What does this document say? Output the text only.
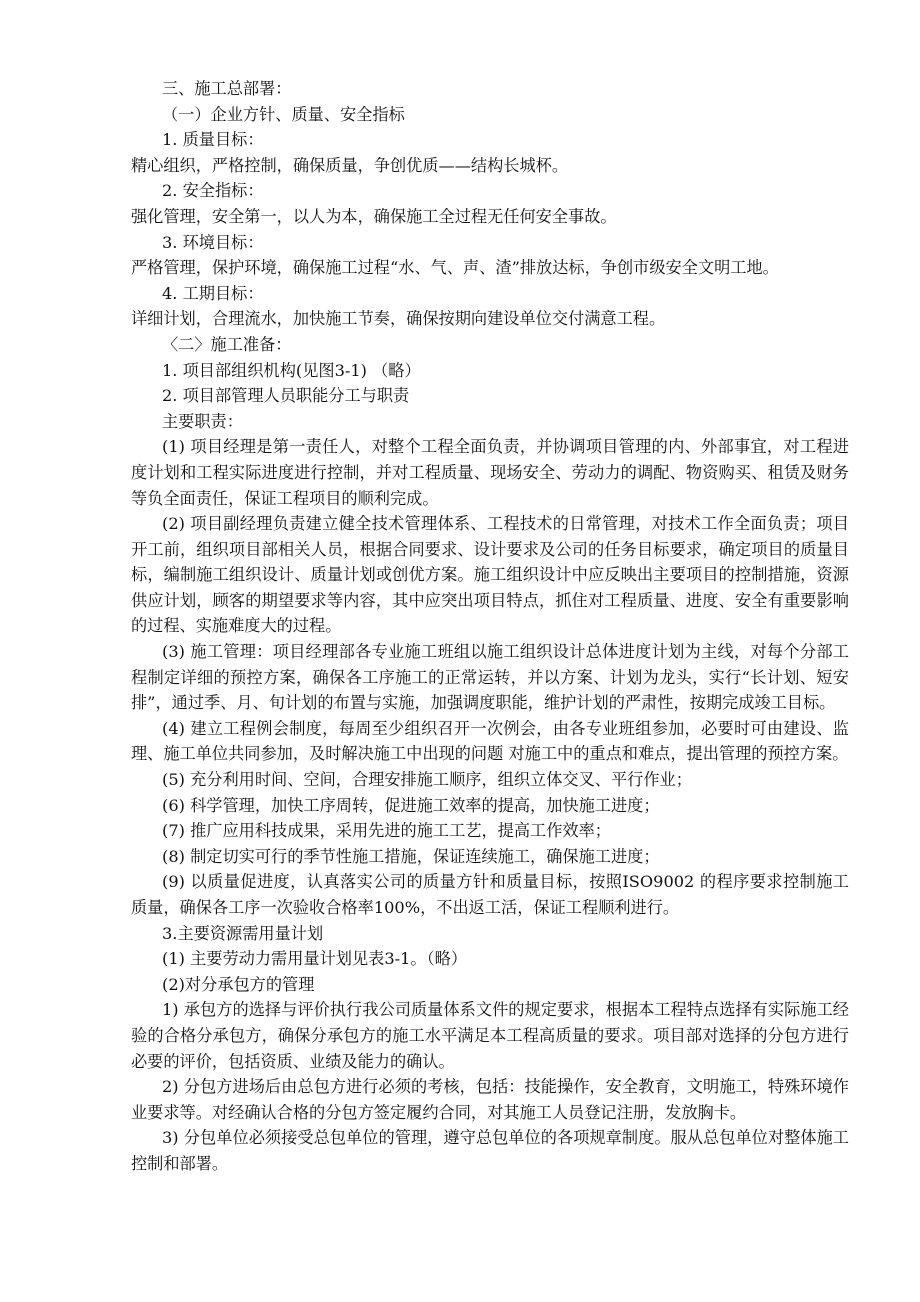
三、施工总部署：

（一）企业方针、质量、安全指标

1. 质量目标：

精心组织，严格控制，确保质量，争创优质——结构长城杯。

2. 安全指标：

强化管理，安全第一，以人为本，确保施工全过程无任何安全事故。

3. 环境目标：

严格管理，保护环境，确保施工过程“水、气、声、渣”排放达标，争创市级安全文明工地。

4. 工期目标：

详细计划，合理流水，加快施工节奏，确保按期向建设单位交付满意工程。

〈二〉施工准备：

1. 项目部组织机构(见图3-1) （略）

2. 项目部管理人员职能分工与职责

主要职责：

(1) 项目经理是第一责任人，对整个工程全面负责，并协调项目管理的内、外部事宜，对工程进度计划和工程实际进度进行控制，并对工程质量、现场安全、劳动力的调配、物资购买、租赁及财务等负全面责任，保证工程项目的顺利完成。

(2) 项目副经理负责建立健全技术管理体系、工程技术的日常管理，对技术工作全面负责；项目开工前，组织项目部相关人员，根据合同要求、设计要求及公司的任务目标要求，确定项目的质量目标，编制施工组织设计、质量计划或创优方案。施工组织设计中应反映出主要项目的控制措施，资源供应计划，顾客的期望要求等内容，其中应突出项目特点，抓住对工程质量、进度、安全有重要影响的过程、实施难度大的过程。

(3) 施工管理：项目经理部各专业施工班组以施工组织设计总体进度计划为主线，对每个分部工程制定详细的预控方案，确保各工序施工的正常运转，并以方案、计划为龙头，实行“长计划、短安排”，通过季、月、旬计划的布置与实施，加强调度职能，维护计划的严肃性，按期完成竣工目标。

(4) 建立工程例会制度，每周至少组织召开一次例会，由各专业班组参加，必要时可由建设、监理、施工单位共同参加，及时解决施工中出现的问题 对施工中的重点和难点，提出管理的预控方案。

(5) 充分利用时间、空间，合理安排施工顺序，组织立体交叉、平行作业；

(6) 科学管理，加快工序周转，促进施工效率的提高，加快施工进度；

(7) 推广应用科技成果，采用先进的施工工艺，提高工作效率；

(8) 制定切实可行的季节性施工措施，保证连续施工，确保施工进度；

(9) 以质量促进度，认真落实公司的质量方针和质量目标，按照ISO9002 的程序要求控制施工质量，确保各工序一次验收合格率100%，不出返工活，保证工程顺利进行。

3.主要资源需用量计划

(1) 主要劳动力需用量计划见表3-1。（略）

(2)对分承包方的管理

1) 承包方的选择与评价执行我公司质量体系文件的规定要求，根据本工程特点选择有实际施工经验的合格分承包方，确保分承包方的施工水平满足本工程高质量的要求。项目部对选择的分包方进行必要的评价，包括资质、业绩及能力的确认。

2) 分包方进场后由总包方进行必须的考核，包括：技能操作，安全教育，文明施工，特殊环境作业要求等。对经确认合格的分包方签定履约合同，对其施工人员登记注册，发放胸卡。

3) 分包单位必须接受总包单位的管理，遵守总包单位的各项规章制度。服从总包单位对整体施工控制和部署。
